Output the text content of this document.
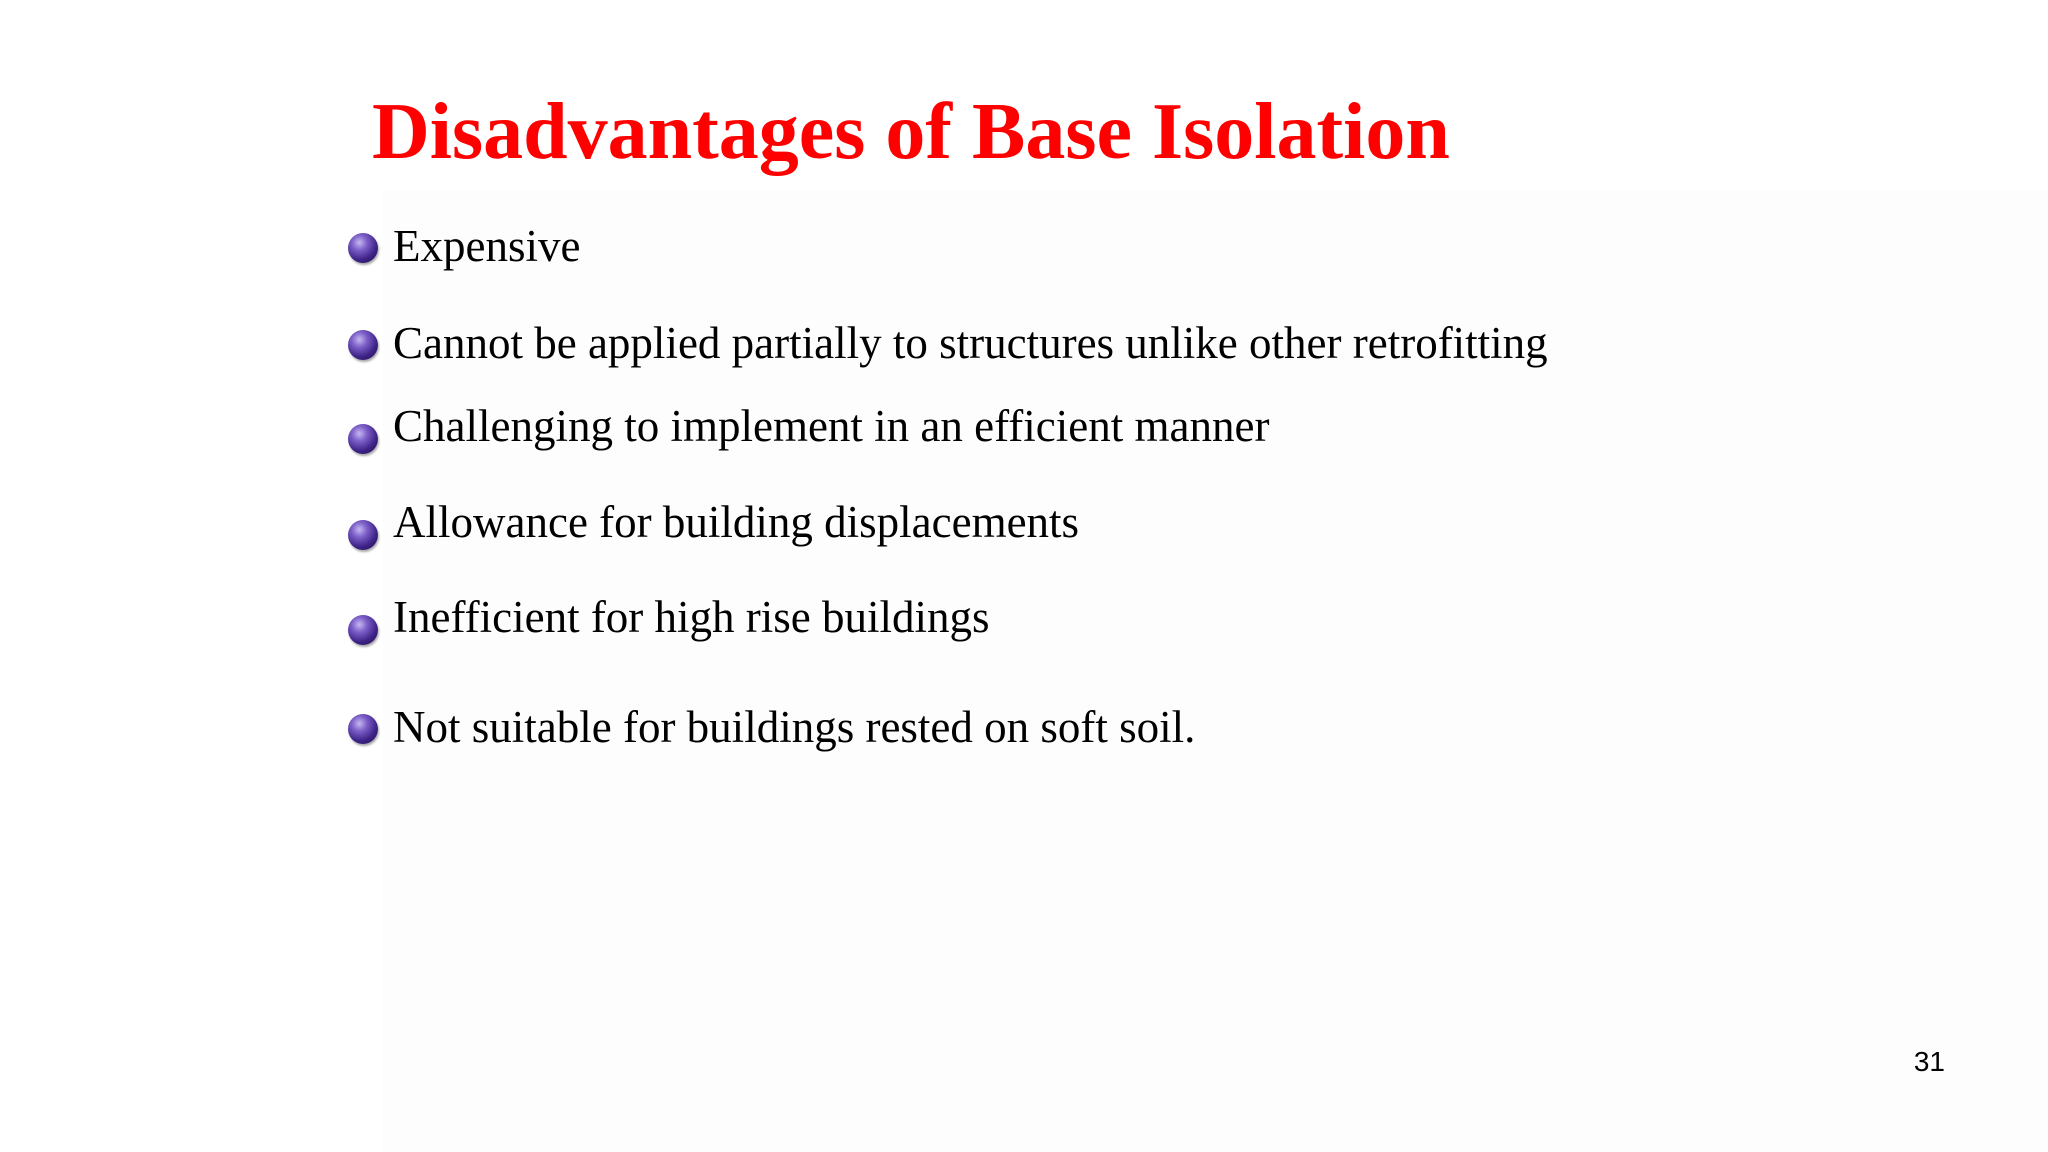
Disadvantages of Base Isolation
Expensive
Cannot be applied partially to structures unlike other retrofitting
Challenging to implement in an efficient manner
Allowance for building displacements
Inefficient for high rise buildings
Not suitable for buildings rested on soft soil.
31
